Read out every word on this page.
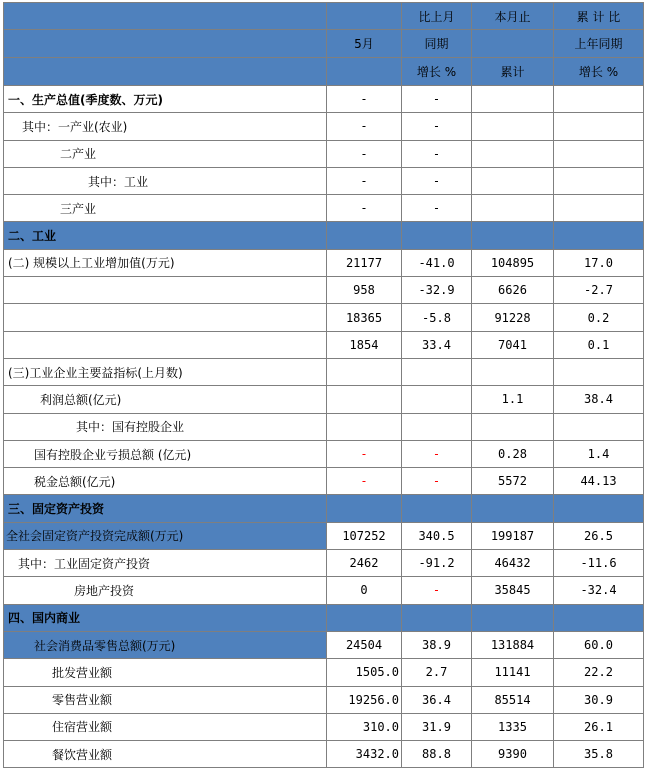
		比上月	本月止	累 计 比
	5月	同期		上年同期
		增长 %	累计	增长 %
一、生产总值(季度数、万元)	-	-		
其中：一产业(农业)	-	-		
二产业	-	-		
其中：工业	-	-		
三产业	-	-		
二、工业				
(二) 规模以上工业增加值(万元)	21177	-41.0	104895	17.0
	958	-32.9	6626	-2.7
	18365	-5.8	91228	0.2
	1854	33.4	7041	0.1
(三)工业企业主要益指标(上月数)				
利润总额(亿元)			1.1	38.4
其中：国有控股企业				
国有控股企业亏损总额 (亿元)	-	-	0.28	1.4
税金总额(亿元)	-	-	5572	44.13
三、固定资产投资				
全社会固定资产投资完成额(万元)	107252	340.5	199187	26.5
其中：工业固定资产投资	2462	-91.2	46432	-11.6
房地产投资	0	-	35845	-32.4
四、国内商业				
社会消费品零售总额(万元)	24504	38.9	131884	60.0
批发营业额	1505.0	2.7	11141	22.2
零售营业额	19256.0	36.4	85514	30.9
住宿营业额	310.0	31.9	1335	26.1
餐饮营业额	3432.0	88.8	9390	35.8
